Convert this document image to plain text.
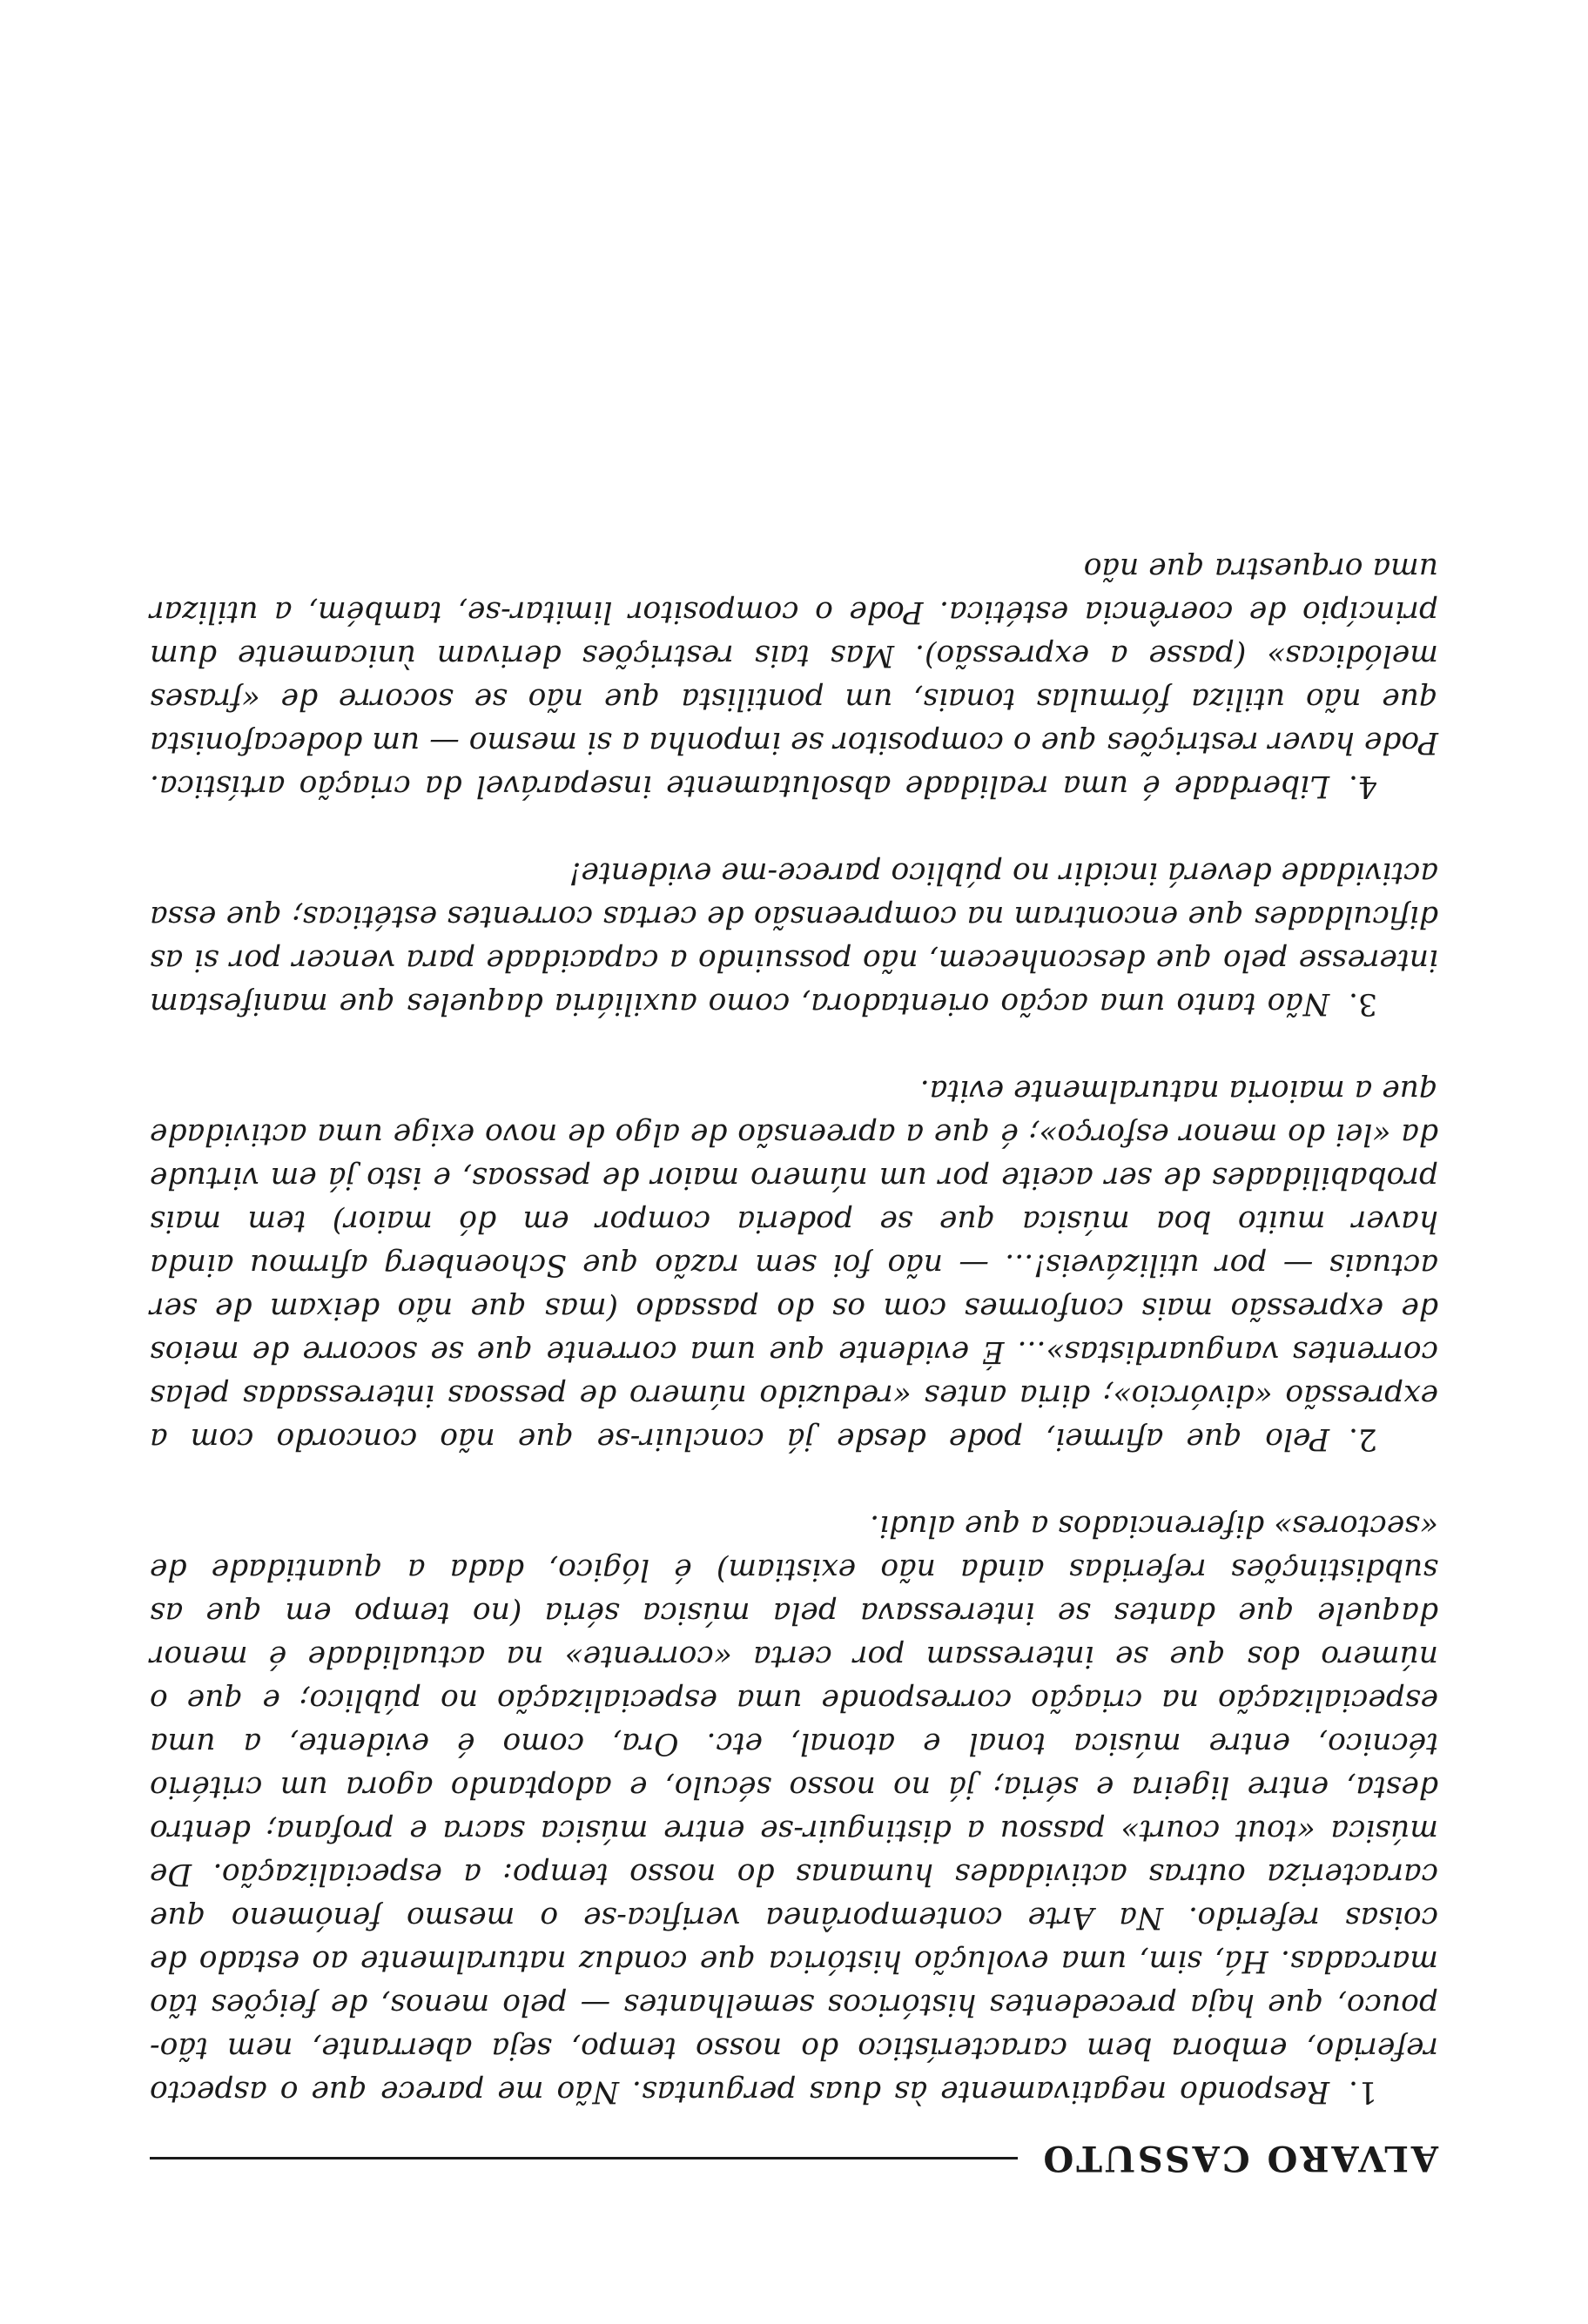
ALVARO CASSUTO

1.Respondo negativamente às duas perguntas. Não me parece que o aspecto referido, embora bem característico do nosso tempo, seja aberrante, nem tão-pouco, que haja precedentes históricos semelhantes — pelo menos, de feições tão marcadas. Há, sim, uma evolução histórica que conduz naturalmente ao estado de coisas referido. Na Arte contemporânea verifica-se o mesmo fenómeno que caracteriza outras actividades humanas do nosso tempo: a especialização. De música «tout court» passou a distinguir-se entre música sacra e profana; dentro desta, entre ligeira e séria; já no nosso século, e adoptando agora um critério técnico, entre música tonal e atonal, etc. Ora, como é evidente, a uma especialização na criação corresponde uma especialização no público; e que o número dos que se interessam por certa «corrente» na actualidade é menor daquele que dantes se interessava pela música séria (no tempo em que as subdistinções referidas ainda não existiam) é lógico, dada a quantidade de «sectores» diferenciados a que aludi.

2.Pelo que afirmei, pode desde já concluir-se que não concordo com a expressão «divórcio»; diria antes «reduzido número de pessoas interessadas pelas correntes vanguardistas»... É evidente que uma corrente que se socorre de meios de expressão mais conformes com os do passado (mas que não deixam de ser actuais — por utilizáveis!... — não foi sem razão que Schoenberg afirmou ainda haver muito boa música que se poderia compor em dó maior) tem mais probabilidades de ser aceite por um número maior de pessoas, e isto já em virtude da «lei do menor esforço»; é que a apreensão de algo de novo exige uma actividade que a maioria naturalmente evita.

3.Não tanto uma acção orientadora, como auxiliária daqueles que manifestam interesse pelo que desconhecem, não possuindo a capacidade para vencer por si as dificuldades que encontram na compreensão de certas correntes estéticas; que essa actividade deverá incidir no público parece-me evidente!

4.Liberdade é uma realidade absolutamente inseparável da criação artística. Pode haver restrições que o compositor se imponha a si mesmo — um dodecafonista que não utiliza fórmulas tonais, um pontilista que não se socorre de «frases melódicas» (passe a expressão). Mas tais restrições derivam ùnicamente dum princípio de coerência estética. Pode o compositor limitar-se, também, a utilizar uma orquestra que não
